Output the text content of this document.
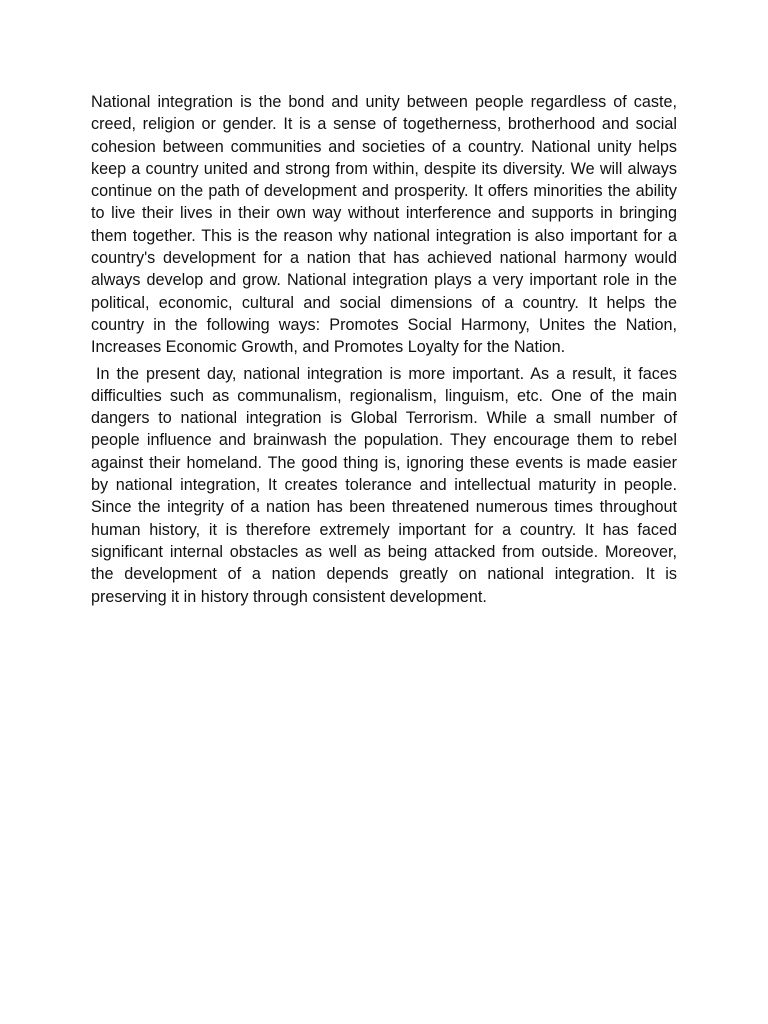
National integration is the bond and unity between people regardless of caste, creed, religion or gender. It is a sense of togetherness, brotherhood and social cohesion between communities and societies of a country. National unity helps keep a country united and strong from within, despite its diversity. We will always continue on the path of development and prosperity. It offers minorities the ability to live their lives in their own way without interference and supports in bringing them together. This is the reason why national integration is also important for a country's development for a nation that has achieved national harmony would always develop and grow. National integration plays a very important role in the political, economic, cultural and social dimensions of a country. It helps the country in the following ways: Promotes Social Harmony, Unites the Nation, Increases Economic Growth, and Promotes Loyalty for the Nation.

In the present day, national integration is more important. As a result, it faces difficulties such as communalism, regionalism, linguism, etc. One of the main dangers to national integration is Global Terrorism. While a small number of people influence and brainwash the population. They encourage them to rebel against their homeland. The good thing is, ignoring these events is made easier by national integration, It creates tolerance and intellectual maturity in people. Since the integrity of a nation has been threatened numerous times throughout human history, it is therefore extremely important for a country. It has faced significant internal obstacles as well as being attacked from outside. Moreover, the development of a nation depends greatly on national integration. It is preserving it in history through consistent development.
